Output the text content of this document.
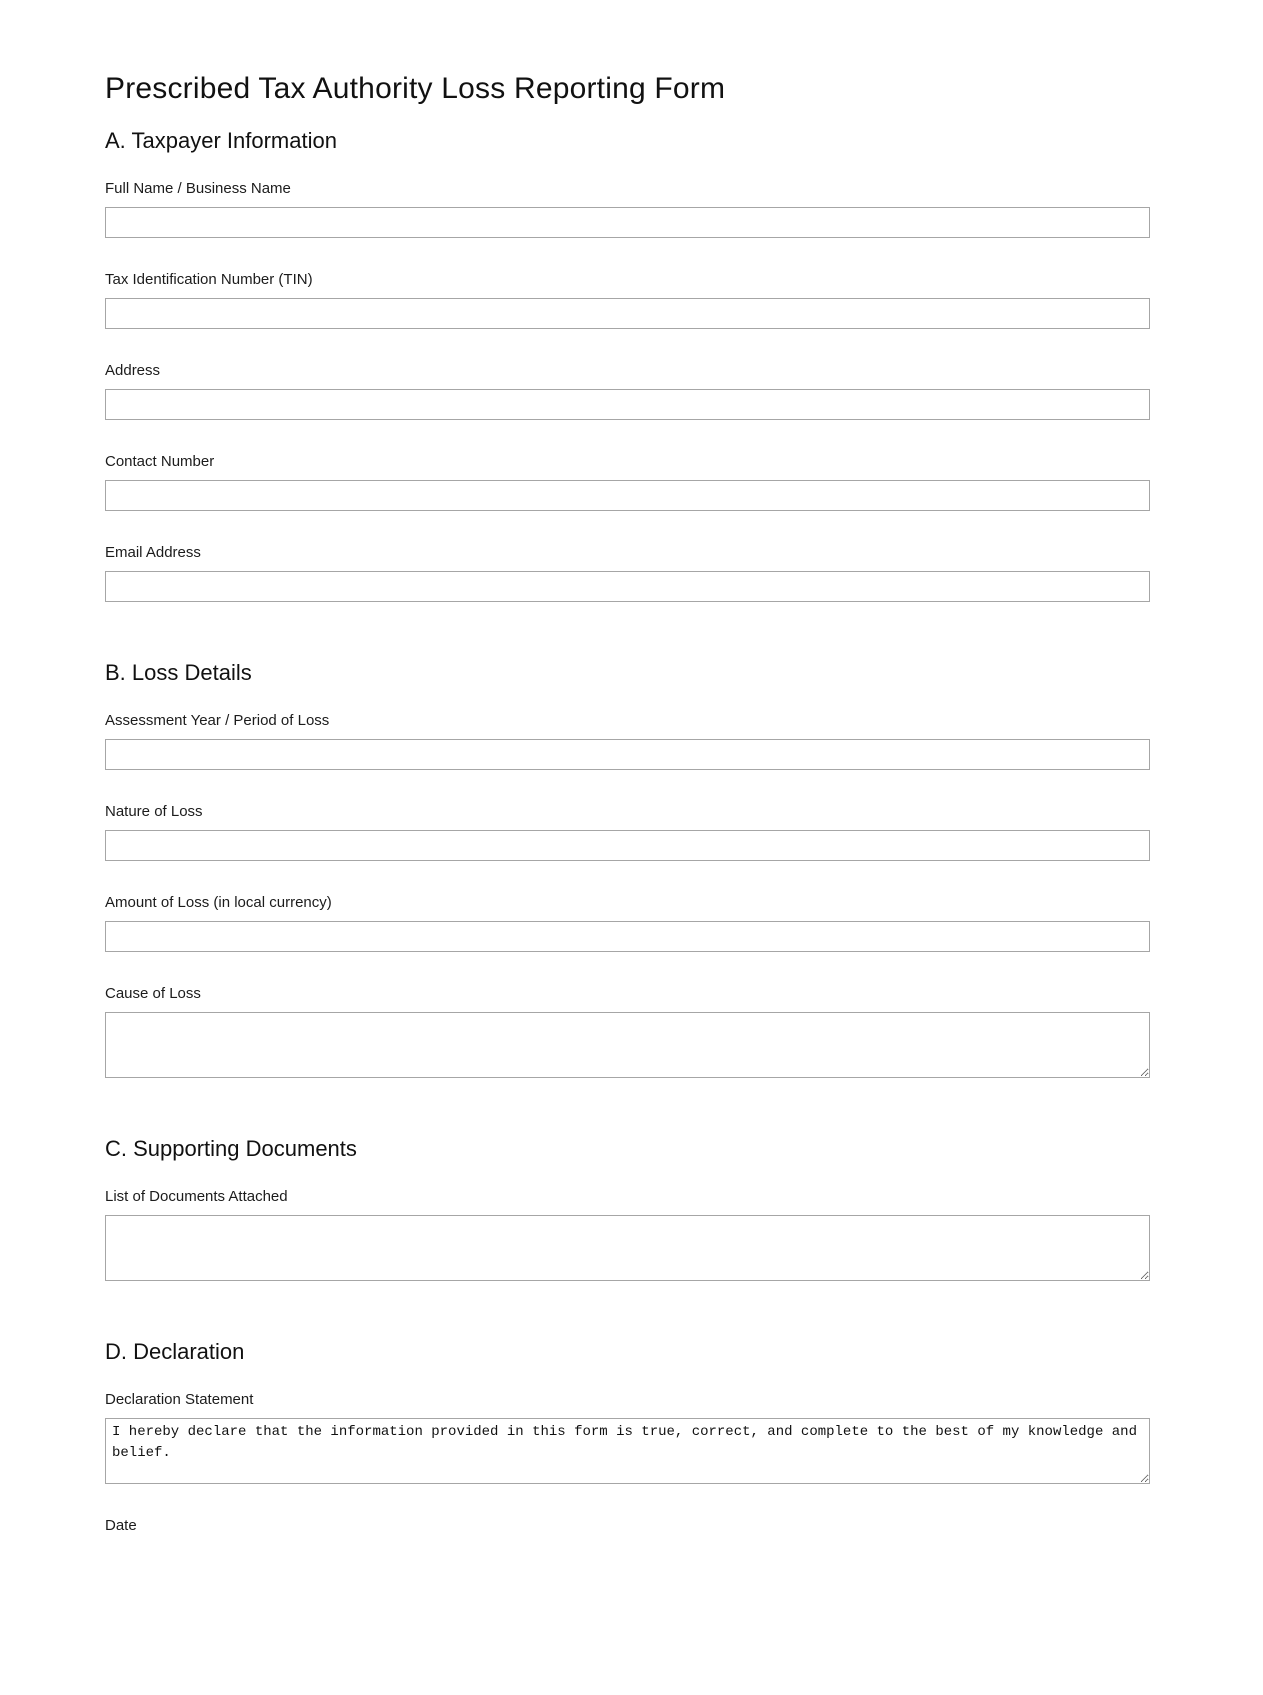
Prescribed Tax Authority Loss Reporting Form
A. Taxpayer Information
Full Name / Business Name
Tax Identification Number (TIN)
Address
Contact Number
Email Address
B. Loss Details
Assessment Year / Period of Loss
Nature of Loss
Amount of Loss (in local currency)
Cause of Loss
C. Supporting Documents
List of Documents Attached
D. Declaration
Declaration Statement
I hereby declare that the information provided in this form is true, correct, and complete to the best of my knowledge and belief.
Date
